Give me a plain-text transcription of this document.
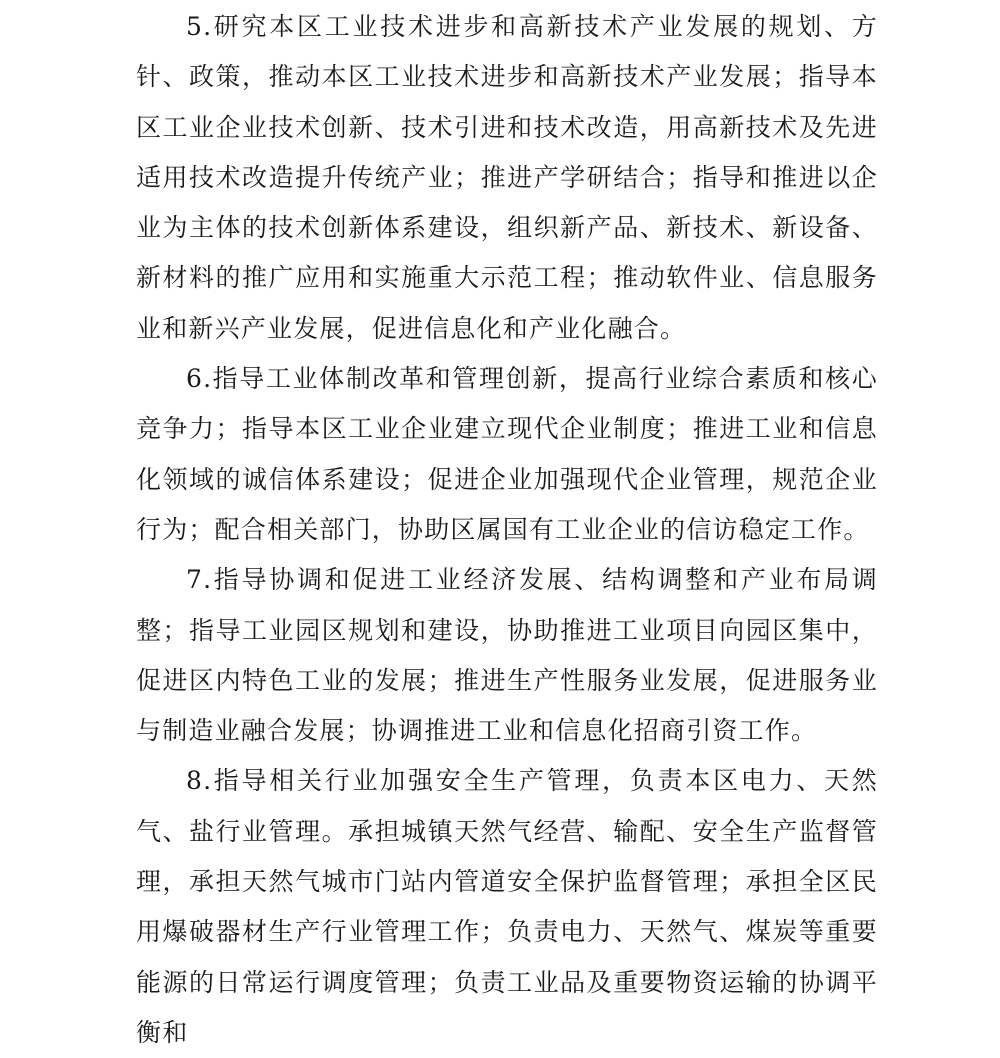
5.研究本区工业技术进步和高新技术产业发展的规划、方针、政策，推动本区工业技术进步和高新技术产业发展；指导本区工业企业技术创新、技术引进和技术改造，用高新技术及先进适用技术改造提升传统产业；推进产学研结合；指导和推进以企业为主体的技术创新体系建设，组织新产品、新技术、新设备、新材料的推广应用和实施重大示范工程；推动软件业、信息服务业和新兴产业发展，促进信息化和产业化融合。

6.指导工业体制改革和管理创新，提高行业综合素质和核心竞争力；指导本区工业企业建立现代企业制度；推进工业和信息化领域的诚信体系建设；促进企业加强现代企业管理，规范企业行为；配合相关部门，协助区属国有工业企业的信访稳定工作。

7.指导协调和促进工业经济发展、结构调整和产业布局调整；指导工业园区规划和建设，协助推进工业项目向园区集中，促进区内特色工业的发展；推进生产性服务业发展，促进服务业与制造业融合发展；协调推进工业和信息化招商引资工作。

8.指导相关行业加强安全生产管理，负责本区电力、天然气、盐行业管理。承担城镇天然气经营、输配、安全生产监督管理，承担天然气城市门站内管道安全保护监督管理；承担全区民用爆破器材生产行业管理工作；负责电力、天然气、煤炭等重要能源的日常运行调度管理；负责工业品及重要物资运输的协调平衡和
